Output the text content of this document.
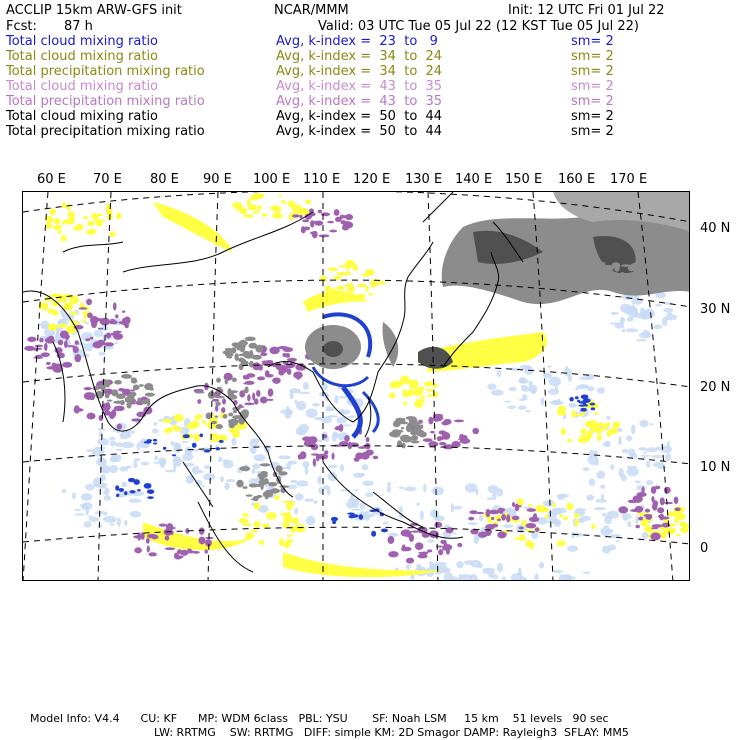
ACCLIP 15km ARW-GFS init	NCAR/MMM	Init: 12 UTC Fri 01 Jul 22
Fcst: 87 h	Valid: 03 UTC Tue 05 Jul 22 (12 KST Tue 05 Jul 22)
Total cloud mixing ratio	Avg, k-index =  23  to   9	sm= 2
Total cloud mixing ratio	Avg, k-index =  34  to  24	sm= 2
Total precipitation mixing ratio	Avg, k-index =  34  to  24	sm= 2
Total cloud mixing ratio	Avg, k-index =  43  to  35	sm= 2
Total precipitation mixing ratio	Avg, k-index =  43  to  35	sm= 2
Total cloud mixing ratio	Avg, k-index =  50  to  44	sm= 2
Total precipitation mixing ratio	Avg, k-index =  50  to  44	sm= 2
60 E 70 E 80 E 90 E 100 E 110 E 120 E 130 E 140 E 150 E 160 E 170 E
40 N
30 N
20 N
10 N
0
Model Info: V4.4      CU: KF      MP: WDM 6class   PBL: YSU       SF: Noah LSM     15 km    51 levels   90 sec
LW: RRTMG    SW: RRTMG   DIFF: simple KM: 2D Smagor DAMP: Rayleigh3  SFLAY: MM5
